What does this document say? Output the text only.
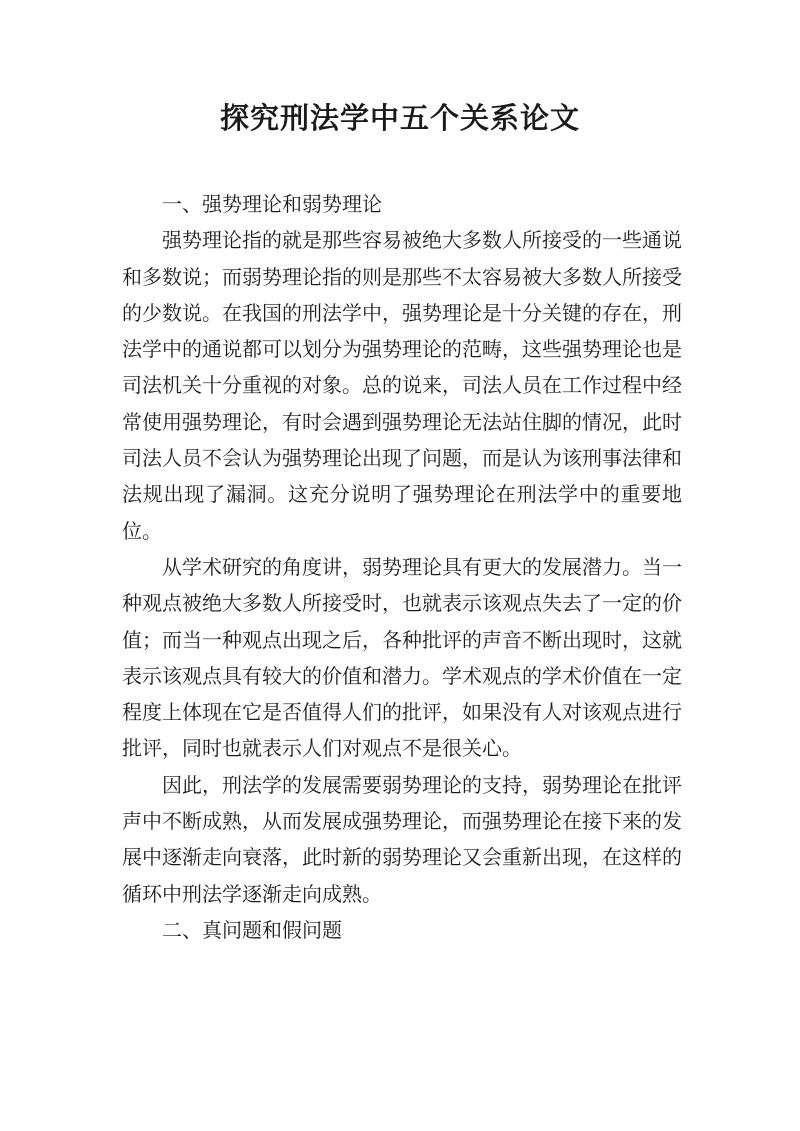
探究刑法学中五个关系论文

一、强势理论和弱势理论

强势理论指的就是那些容易被绝大多数人所接受的一些通说和多数说；而弱势理论指的则是那些不太容易被大多数人所接受的少数说。在我国的刑法学中，强势理论是十分关键的存在，刑法学中的通说都可以划分为强势理论的范畴，这些强势理论也是司法机关十分重视的对象。总的说来，司法人员在工作过程中经常使用强势理论，有时会遇到强势理论无法站住脚的情况，此时司法人员不会认为强势理论出现了问题，而是认为该刑事法律和法规出现了漏洞。这充分说明了强势理论在刑法学中的重要地位。

从学术研究的角度讲，弱势理论具有更大的发展潜力。当一种观点被绝大多数人所接受时，也就表示该观点失去了一定的价值；而当一种观点出现之后，各种批评的声音不断出现时，这就表示该观点具有较大的价值和潜力。学术观点的学术价值在一定程度上体现在它是否值得人们的批评，如果没有人对该观点进行批评，同时也就表示人们对观点不是很关心。

因此，刑法学的发展需要弱势理论的支持，弱势理论在批评声中不断成熟，从而发展成强势理论，而强势理论在接下来的发展中逐渐走向衰落，此时新的弱势理论又会重新出现，在这样的循环中刑法学逐渐走向成熟。

二、真问题和假问题
